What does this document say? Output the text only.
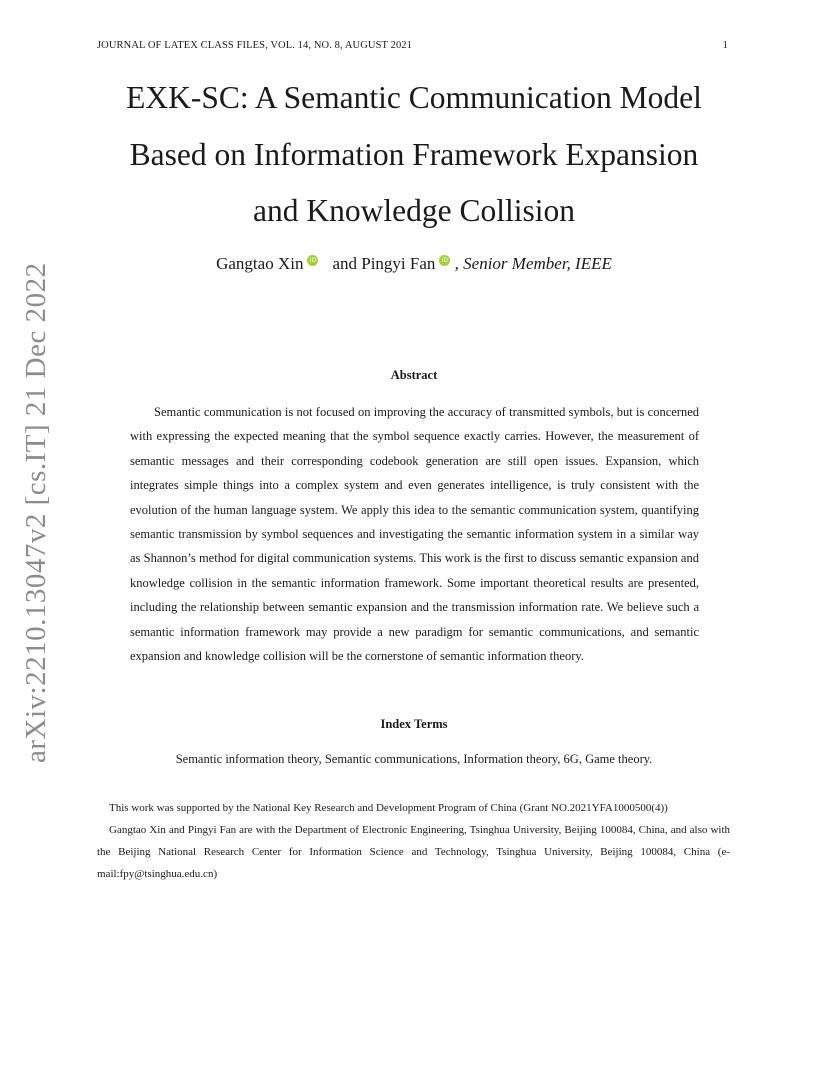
JOURNAL OF LATEX CLASS FILES, VOL. 14, NO. 8, AUGUST 2021	1
arXiv:2210.13047v2 [cs.IT] 21 Dec 2022
EXK-SC: A Semantic Communication Model
Based on Information Framework Expansion
and Knowledge Collision
Gangtao Xin iD and Pingyi Fan iD , Senior Member, IEEE
Abstract

Semantic communication is not focused on improving the accuracy of transmitted symbols, but is concerned with expressing the expected meaning that the symbol sequence exactly carries. However, the measurement of semantic messages and their corresponding codebook generation are still open issues. Expansion, which integrates simple things into a complex system and even generates intelligence, is truly consistent with the evolution of the human language system. We apply this idea to the semantic communication system, quantifying semantic transmission by symbol sequences and investigating the semantic information system in a similar way as Shannon’s method for digital communication systems. This work is the first to discuss semantic expansion and knowledge collision in the semantic information framework. Some important theoretical results are presented, including the relationship between semantic expansion and the transmission information rate. We believe such a semantic information framework may provide a new paradigm for semantic communications, and semantic expansion and knowledge collision will be the cornerstone of semantic information theory.

Index Terms
Semantic information theory, Semantic communications, Information theory, 6G, Game theory.

This work was supported by the National Key Research and Development Program of China (Grant NO.2021YFA1000500(4))

Gangtao Xin and Pingyi Fan are with the Department of Electronic Engineering, Tsinghua University, Beijing 100084, China, and also with the Beijing National Research Center for Information Science and Technology, Tsinghua University, Beijing 100084, China (e-mail:fpy@tsinghua.edu.cn)
